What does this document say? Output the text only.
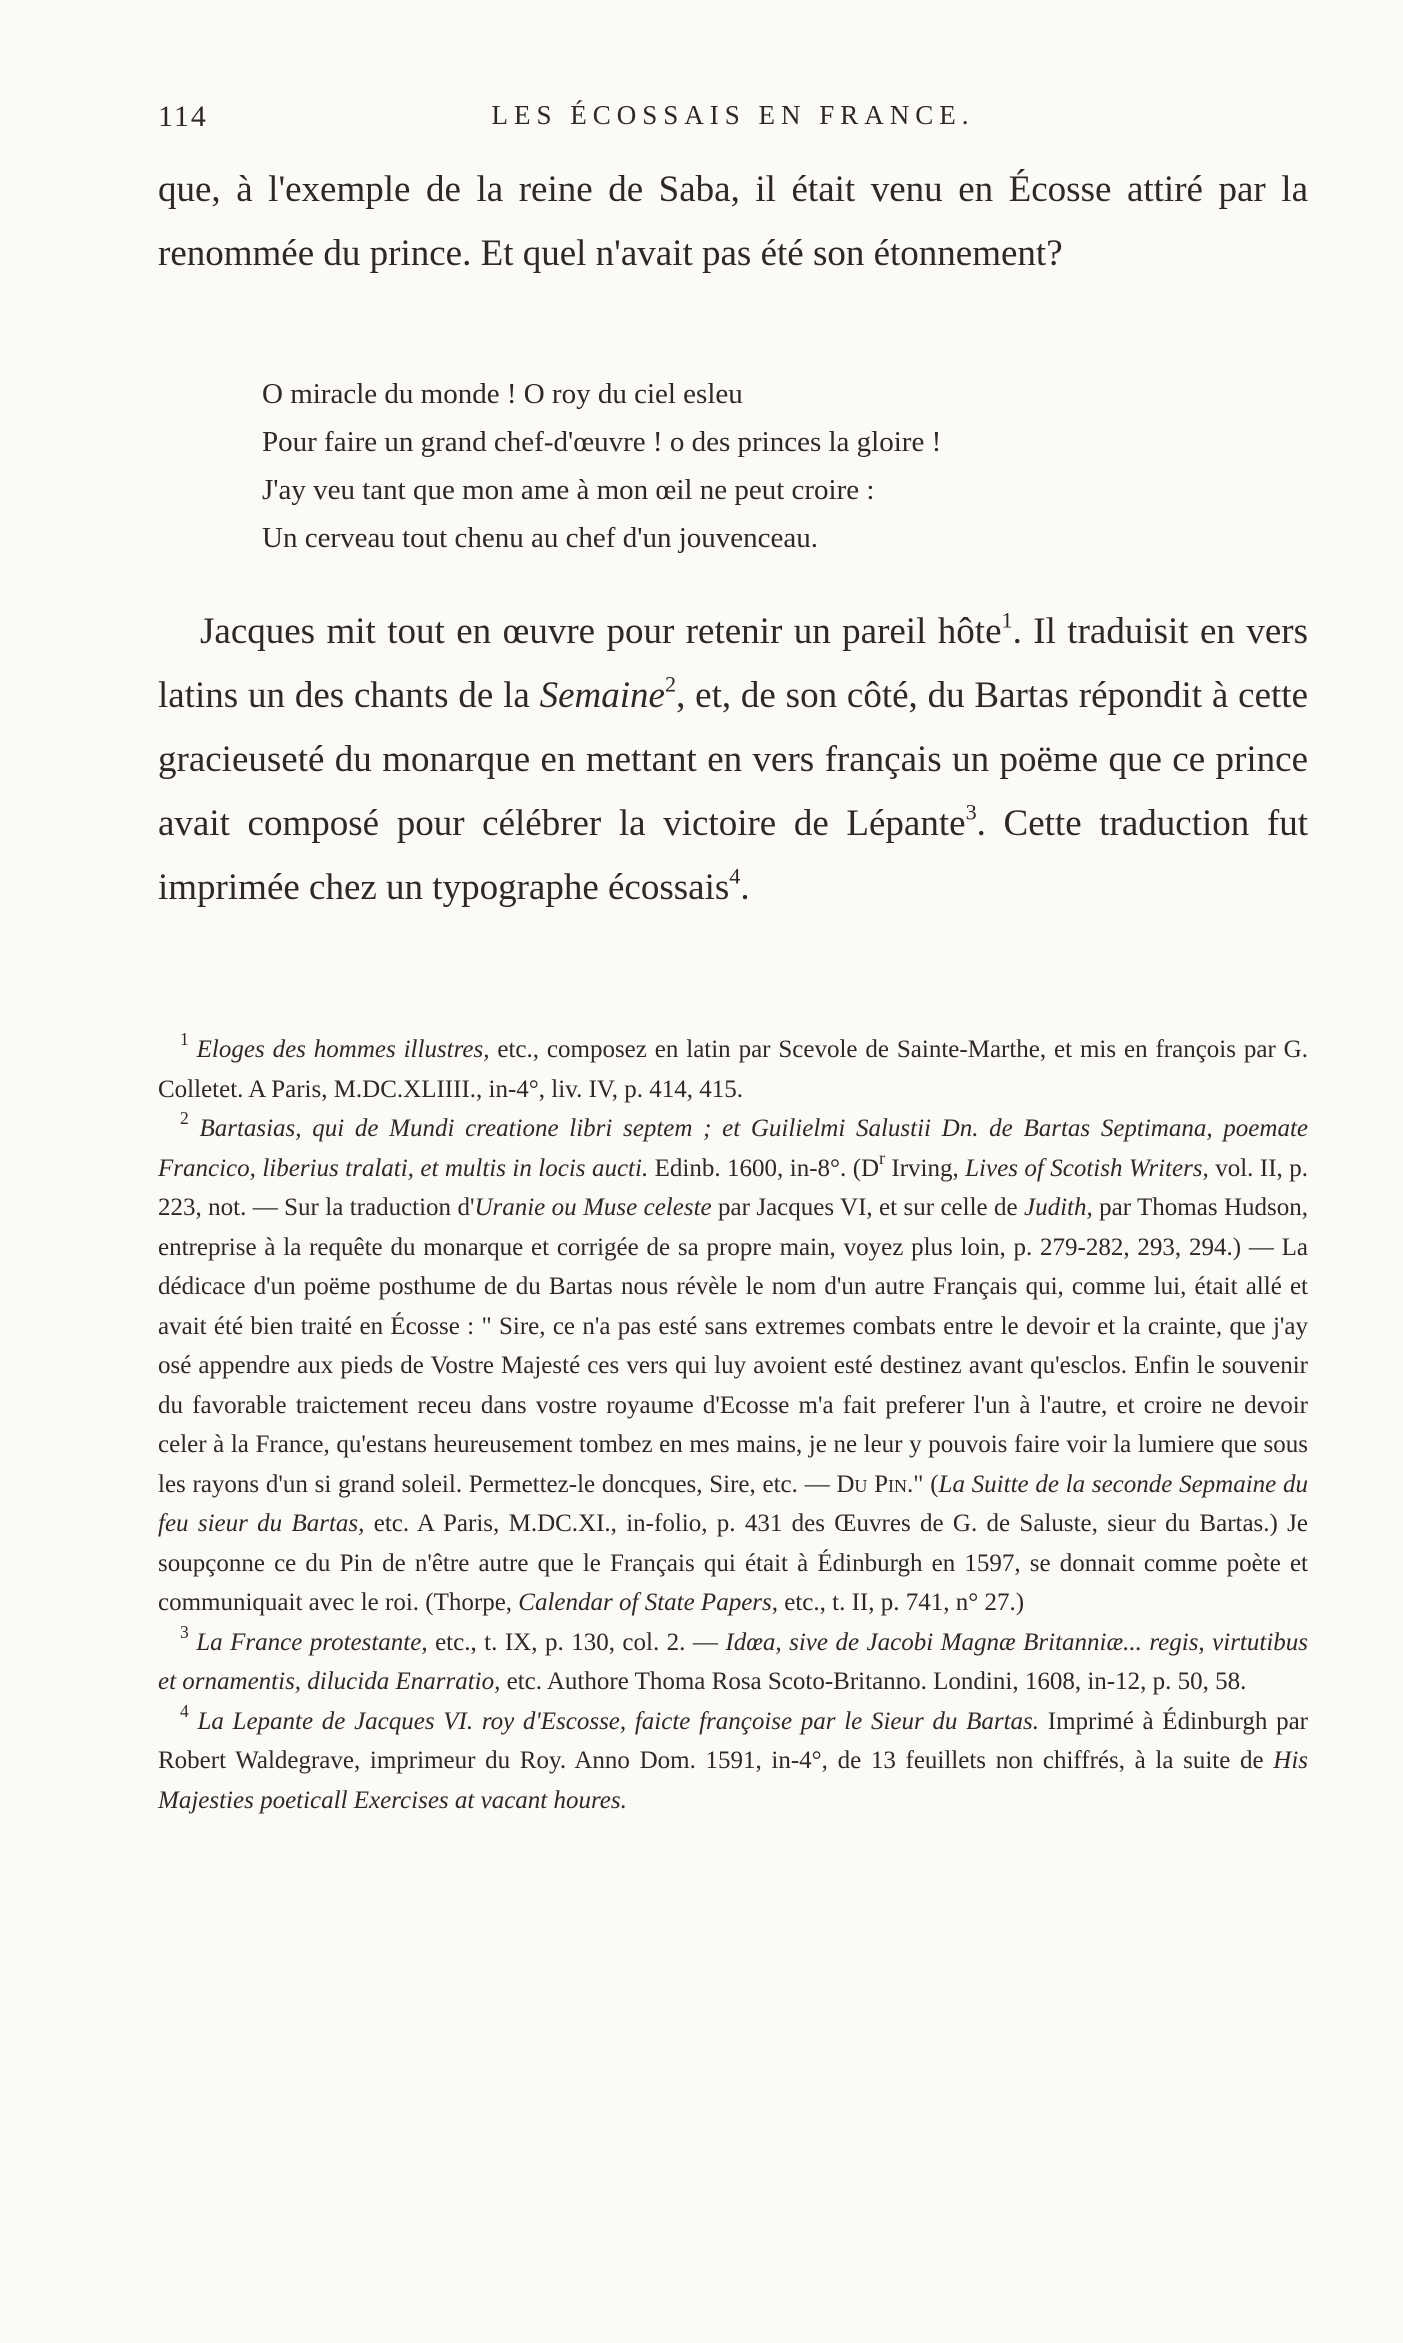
114	LES ÉCOSSAIS EN FRANCE.

que, à l'exemple de la reine de Saba, il était venu en Écosse attiré par la renommée du prince. Et quel n'avait pas été son étonnement?

O miracle du monde ! O roy du ciel esleu
Pour faire un grand chef-d'œuvre ! o des princes la gloire !
J'ay veu tant que mon ame à mon œil ne peut croire :
Un cerveau tout chenu au chef d'un jouvenceau.

Jacques mit tout en œuvre pour retenir un pareil hôte$^1$. Il traduisit en vers latins un des chants de la Semaine$^2$, et, de son côté, du Bartas répondit à cette gracieuseté du monarque en mettant en vers français un poëme que ce prince avait composé pour célébrer la victoire de Lépante$^3$. Cette traduction fut imprimée chez un typographe écossais$^4$.

$^1$ Eloges des hommes illustres, etc., composez en latin par Scevole de Sainte-Marthe, et mis en françois par G. Colletet. A Paris, M.DC.XLIIII., in-4°, liv. IV, p. 414, 415.

$^2$ Bartasias, qui de Mundi creatione libri septem ; et Guilielmi Salustii Dn. de Bartas Septimana, poemate Francico, liberius tralati, et multis in locis aucti. Edinb. 1600, in-8°. ($D^r$ Irving, Lives of Scotish Writers, vol. II, p. 223, not. — Sur la traduction d'Uranie ou Muse celeste par Jacques VI, et sur celle de Judith, par Thomas Hudson, entreprise à la requête du monarque et corrigée de sa propre main, voyez plus loin, p. 279-282, 293, 294.) — La dédicace d'un poëme posthume de du Bartas nous révèle le nom d'un autre Français qui, comme lui, était allé et avait été bien traité en Écosse : " Sire, ce n'a pas esté sans extremes combats entre le devoir et la crainte, que j'ay osé appendre aux pieds de Vostre Majesté ces vers qui luy avoient esté destinez avant qu'esclos. Enfin le souvenir du favorable traictement receu dans vostre royaume d'Ecosse m'a fait preferer l'un à l'autre, et croire ne devoir celer à la France, qu'estans heureusement tombez en mes mains, je ne leur y pouvois faire voir la lumiere que sous les rayons d'un si grand soleil. Permettez-le doncques, Sire, etc. — Du Pin." (La Suitte de la seconde Sepmaine du feu sieur du Bartas, etc. A Paris, M.DC.XI., in-folio, p. 431 des Œuvres de G. de Saluste, sieur du Bartas.) Je soupçonne ce du Pin de n'être autre que le Français qui était à Édinburgh en 1597, se donnait comme poète et communiquait avec le roi. (Thorpe, Calendar of State Papers, etc., t. II, p. 741, n° 27.)

$^3$ La France protestante, etc., t. IX, p. 130, col. 2. — Idœa, sive de Jacobi Magnæ Britanniæ... regis, virtutibus et ornamentis, dilucida Enarratio, etc. Authore Thoma Rosa Scoto-Britanno. Londini, 1608, in-12, p. 50, 58.

$^4$ La Lepante de Jacques VI. roy d'Escosse, faicte françoise par le Sieur du Bartas. Imprimé à Édinburgh par Robert Waldegrave, imprimeur du Roy. Anno Dom. 1591, in-4°, de 13 feuillets non chiffrés, à la suite de His Majesties poeticall Exercises at vacant houres.
